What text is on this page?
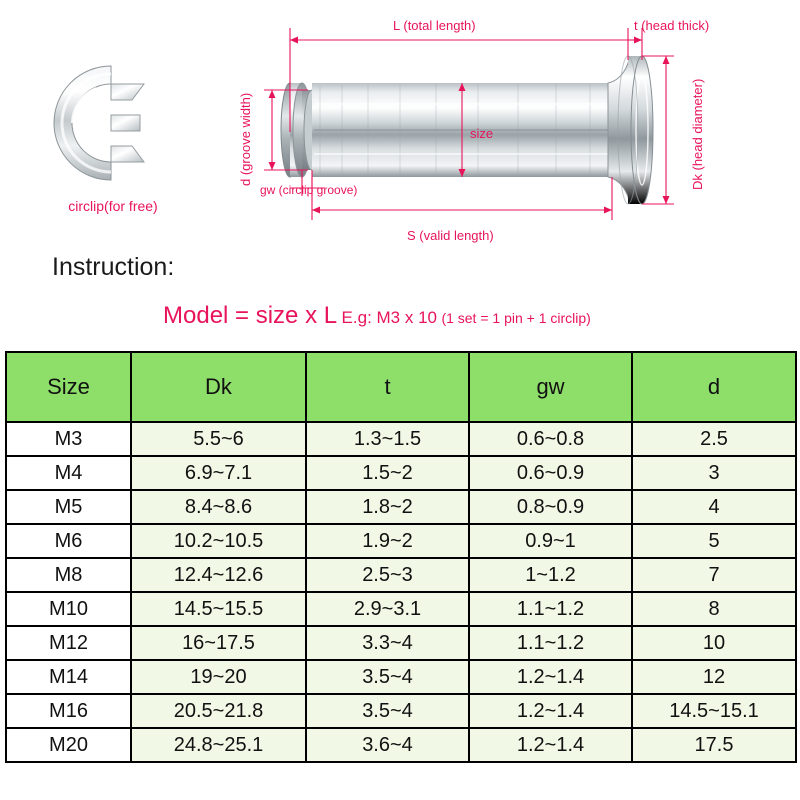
circlip(for free)
L (total length)	t (head thick)
Dk (head diameter)
d (groove width)
gw (circlip groove)
size
S (valid length)
Instruction:
Model = size x L E.g: M3 x 10 (1 set = 1 pin + 1 circlip)
Size	Dk	t	gw	d
M3	5.5~6	1.3~1.5	0.6~0.8	2.5
M4	6.9~7.1	1.5~2	0.6~0.9	3
M5	8.4~8.6	1.8~2	0.8~0.9	4
M6	10.2~10.5	1.9~2	0.9~1	5
M8	12.4~12.6	2.5~3	1~1.2	7
M10	14.5~15.5	2.9~3.1	1.1~1.2	8
M12	16~17.5	3.3~4	1.1~1.2	10
M14	19~20	3.5~4	1.2~1.4	12
M16	20.5~21.8	3.5~4	1.2~1.4	14.5~15.1
M20	24.8~25.1	3.6~4	1.2~1.4	17.5
